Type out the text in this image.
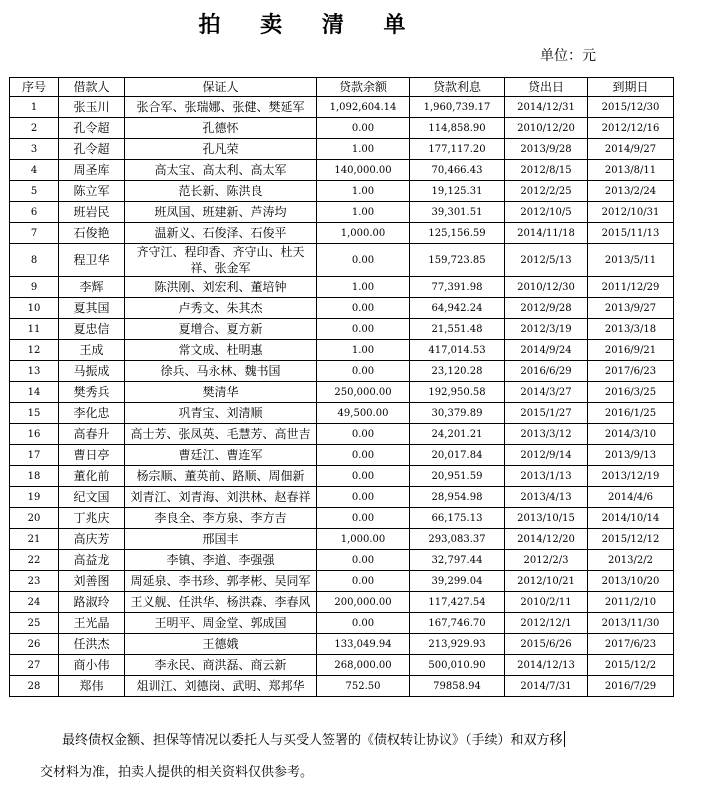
拍 卖 清 单
单位：元
序号	借款人	保证人	贷款余额	贷款利息	贷出日	到期日
1	张玉川	张合军、张瑞娜、张健、樊延军	1,092,604.14	1,960,739.17	2014/12/31	2015/12/30
2	孔令超	孔德怀	0.00	114,858.90	2010/12/20	2012/12/16
3	孔令超	孔凡荣	1.00	177,117.20	2013/9/28	2014/9/27
4	周圣库	高太宝、高太利、高太军	140,000.00	70,466.43	2012/8/15	2013/8/11
5	陈立军	范长新、陈洪良	1.00	19,125.31	2012/2/25	2013/2/24
6	班岩民	班凤国、班建新、芦涛均	1.00	39,301.51	2012/10/5	2012/10/31
7	石俊艳	温新义、石俊泽、石俊平	1,000.00	125,156.59	2014/11/18	2015/11/13
8	程卫华	齐守江、程印香、齐守山、杜天祥、张金军	0.00	159,723.85	2012/5/13	2013/5/11
9	李辉	陈洪刚、刘宏利、董培钟	1.00	77,391.98	2010/12/30	2011/12/29
10	夏其国	卢秀文、朱其杰	0.00	64,942.24	2012/9/28	2013/9/27
11	夏忠信	夏增合、夏方新	0.00	21,551.48	2012/3/19	2013/3/18
12	王成	常文成、杜明惠	1.00	417,014.53	2014/9/24	2016/9/21
13	马振成	徐兵、马永林、魏书国	0.00	23,120.28	2016/6/29	2017/6/23
14	樊秀兵	樊清华	250,000.00	192,950.58	2014/3/27	2016/3/25
15	李化忠	巩青宝、刘清顺	49,500.00	30,379.89	2015/1/27	2016/1/25
16	高春升	高士芳、张凤英、毛慧芳、高世吉	0.00	24,201.21	2013/3/12	2014/3/10
17	曹日亭	曹廷江、曹连军	0.00	20,017.84	2012/9/14	2013/9/13
18	董化前	杨宗顺、董英前、路顺、周佃新	0.00	20,951.59	2013/1/13	2013/12/19
19	纪文国	刘青江、刘青海、刘洪林、赵春祥	0.00	28,954.98	2013/4/13	2014/4/6
20	丁兆庆	李良全、李方泉、李方吉	0.00	66,175.13	2013/10/15	2014/10/14
21	高庆芳	邢国丰	1,000.00	293,083.37	2014/12/20	2015/12/12
22	高益龙	李镇、李道、李强强	0.00	32,797.44	2012/2/3	2013/2/2
23	刘善图	周延泉、李书珍、郭孝彬、吴同军	0.00	39,299.04	2012/10/21	2013/10/20
24	路淑玲	王义舰、任洪华、杨洪森、李春风	200,000.00	117,427.54	2010/2/11	2011/2/10
25	王光晶	王明平、周金堂、郭成国	0.00	167,746.70	2012/12/1	2013/11/30
26	任洪杰	王德娥	133,049.94	213,929.93	2015/6/26	2017/6/23
27	商小伟	李永民、商洪磊、商云新	268,000.00	500,010.90	2014/12/13	2015/12/2
28	郑伟	俎训江、刘德岗、武明、郑邦华	752.50	79858.94	2014/7/31	2016/7/29
最终债权金额、担保等情况以委托人与买受人签署的《债权转让协议》（手续）和双方移
交材料为准，拍卖人提供的相关资料仅供参考。
